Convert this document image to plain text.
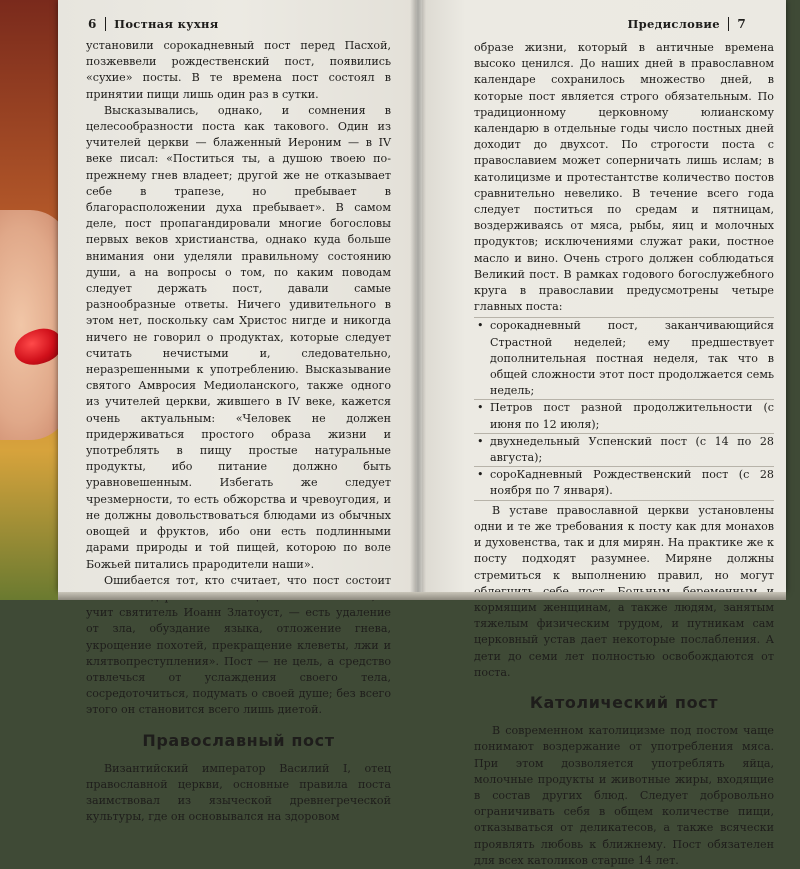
6 Постная кухня

установили сорокадневный пост перед Пасхой, позжеввели рождественский пост, появились «сухие» посты. В те времена пост состоял в принятии пищи лишь один раз в сутки.

Высказывались, однако, и сомнения в целесообразности поста как такового. Один из учителей церкви — блаженный Иероним — в IV веке писал: «Поститься ты, а душою твоею по-прежнему гнев владеет; другой же не отказывает себе в трапезе, но пребывает в благорасположении духа пребывает». В самом деле, пост пропагандировали многие богословы первых веков христианства, однако куда больше внимания они уделяли правильному состоянию души, а на вопросы о том, по каким поводам следует держать пост, давали самые разнообразные ответы. Ничего удивительного в этом нет, поскольку сам Христос нигде и никогда ничего не говорил о продуктах, которые следует считать нечистыми и, следовательно, неразрешенными к употреблению. Высказывание святого Амвросия Медиоланского, также одного из учителей церкви, жившего в IV веке, кажется очень актуальным: «Человек не должен придерживаться простого образа жизни и употреблять в пищу простые натуральные продукты, ибо питание должно быть уравновешенным. Избегать же следует чрезмерности, то есть обжорства и чревоугодия, и не должны довольствоваться блюдами из обычных овощей и фруктов, ибо они есть подлинными дарами природы и той пищей, которою по воле Божьей питались прародители наши».

Ошибается тот, кто считает, что пост состоит учит святитель Иоанн Златоуст, — есть удаление от зла, обуздание языка, отложение гнева, укрощение похотей, прекращение клеветы, лжи и клятвопреступления». Пост — не цель, а средство отвлечься от услаждения своего тела, сосредоточиться, подумать о своей душе; без всего этого он становится всего лишь диетой.

Православный пост

Византийский император Василий I, отец православной церкви, основные правила поста заимствовал из языческой древнегреческой культуры, где он основывался на здоровом

Предисловие 7

образе жизни, который в античные времена высоко ценился. До наших дней в православном календаре сохранилось множество дней, в которые пост является строго обязательным. По традиционному церковному юлианскому календарю в отдельные годы число постных дней доходит до двухсот. По строгости поста с православием может соперничать лишь ислам; в католицизме и протестантстве количество постов сравнительно невелико. В течение всего года следует поститься по средам и пятницам, воздерживаясь от мяса, рыбы, яиц и молочных продуктов; исключениями служат раки, постное масло и вино. Очень строго должен соблюдаться Великий пост. В рамках годового богослужебного круга в православии предусмотрены четыре главных поста:

• сорокадневный пост, заканчивающийся Страстной неделей; ему предшествует дополнительная постная неделя, так что в общей сложности этот пост продолжается семь недель;
• Петров пост разной продолжительности (с июня по 12 июля);
• двухнедельный Успенский пост (с 14 по 28 августа);
• сороКадневный Рождественский пост (с 28 ноября по 7 января).

В уставе православной церкви установлены одни и те же требования к посту как для монахов и духовенства, так и для мирян. На практике же к посту подходят разумнее. Миряне должны стремиться к выполнению правил, но могут кормящим женщинам, а также людям, занятым тяжелым физическим трудом, и путникам сам церковный устав дает некоторые послабления. А дети до семи лет полностью освобождаются от поста.

Католический пост

В современном католицизме под постом чаще понимают воздержание от употребления мяса. При этом дозволяется употреблять яйца, молочные продукты и животные жиры, входящие в состав других блюд. Следует добровольно ограничивать себя в общем количестве пищи, отказываться от деликатесов, а также всячески проявлять любовь к ближнему. Пост обязателен для всех католиков старше 14 лет.
